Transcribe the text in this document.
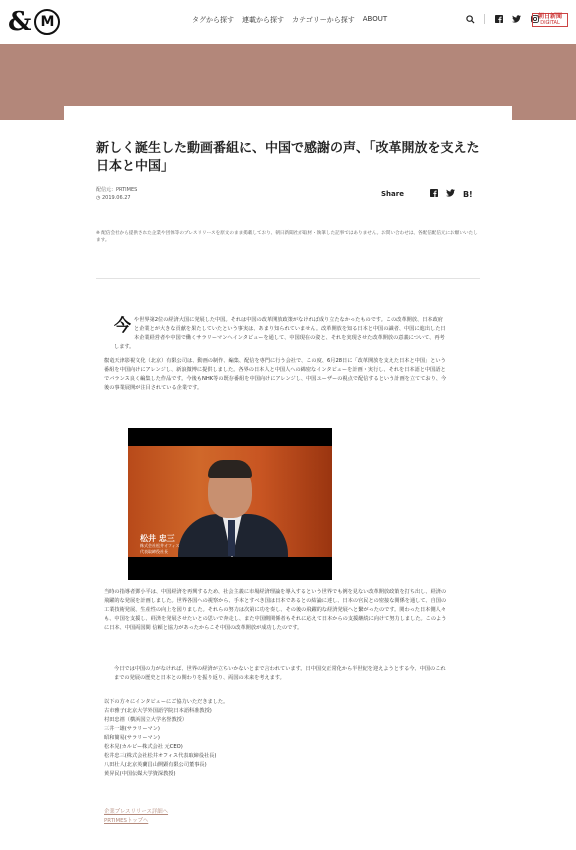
& M	タグから探す 連載から探す カテゴリーから探す ABOUT	朝日新聞
DIGITAL
新しく誕生した動画番組に、中国で感謝の声、「改革開放を支えた日本と中国」
配信元：PRTIMES
◷ 2019.06.27	Share	B!

※ 配信会社から提供された企業や団体等のプレスリリースを原文のまま掲載しており、朝日新聞社が取材・執筆した記事ではありません。お問い合わせは、各配信配信元にお願いいたします。

今 や世界第2位の経済大国に発展した中国。それは中国の改革開放政策がなければ成り立たなかったものです。この改革開放、日本政府と企業とが大きな貢献を果たしていたという事実は、あまり知られていません。改革開放を知る日本と中国の識者、中国に進出した日本企業経営者や中国で働くサラリーマンへインタビューを通して、中国現在の姿と、それを実現させた改革開放の意義について、再考します。

叡竜天津影視文化（北京）有限公司は、動画の制作、編集、配信を専門に行う会社で、この度、6月28日に「改革開放を支えた日本と中国」という番組を中国向けにアレンジし、新浪微博に提供しました。各界の日本人と中国人への綿密なインタビューを計画・実行し、それを日本語と中国語とでバランス良く編集した作品です。今後もNHK等の既存番組を中国向けにアレンジし、中国ユーザーの視点で配信するという計画を立てており、今後の事業展開が注目されている企業です。

松井 忠三
株式会社松井オフィス
代表取締役社長

当時の指導者鄧小平は、中国経済を再興するため、社会主義に市場経済理論を導入するという世界でも例を見ない改革開放政策を打ち出し、経済の飛躍的な発展を計画しました。世界各国への視察から、手本とすべき国は日本であるとの結論に達し、日本の官民との密接な関係を通して、自国の工業技術発展、生産性の向上を図りました。それらの努力は次第に功を奏し、その後の飛躍的な経済発展へと繋がったのです。関わった日本側人々も、中国を支援し、経済を発展させたいとの思いで奔走し、また中国側関係者もそれに応えて日本からの支援継続に向けて努力しました。このように日本、中国両国間 信頼と協力があったからこそ中国の改革開放が成功したのです。

今日では中国の力がなければ、世界の経済が立ちいかないとまで言われています。日中国交正常化から半世紀を迎えようとする今、中国のこれまでの発展の歴史と日本との関わりを振り返り、両国の未来を考えます。

以下の方々にインタビューにご協力いただきました。
古市雅子(北京大学外国語学院日本語科准教授)
村田忠禧（横浜国立大学名誉教授）
三井一雄(サラリーマン)
昭和簡易(サラリーマン)
松本晃(カルビー株式会社 元CEO)
松井忠三(株式会社松井オフィス代表取締役社長)
八田壮人(北京英蘭昌山開顕有限公司董事長)
黄昇民(中国伝媒大学資深教授)
企業プレスリリース詳細へ
PRTIMESトップへ
